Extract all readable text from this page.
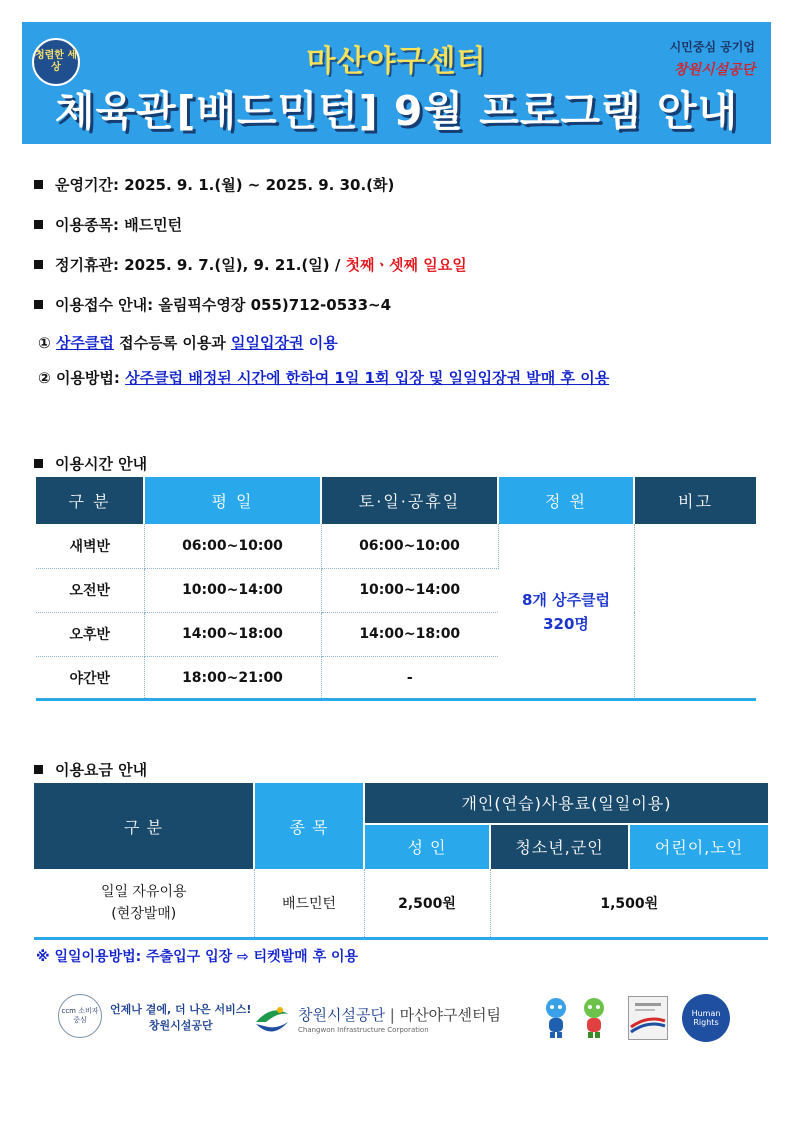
청렴한 세상	마산야구센터
체육관[배드민턴] 9월 프로그램 안내
시민중심 공기업
창원시설공단
운영기간: 2025. 9. 1.(월) ~ 2025. 9. 30.(화)
이용종목: 배드민턴
정기휴관: 2025. 9. 7.(일), 9. 21.(일) / 첫째ㆍ셋째 일요일
이용접수 안내: 올림픽수영장 055)712-0533~4
① 상주클럽 접수등록 이용과 일일입장권 이용
② 이용방법: 상주클럽 배정된 시간에 한하여 1일 1회 입장 및 일일입장권 발매 후 이용
이용시간 안내
구 분	평 일	토·일·공휴일	정 원	비고
새벽반	06:00~10:00	06:00~10:00	8개 상주클럽
320명	

오전반	10:00~14:00	10:00~14:00		
오후반	14:00~18:00	14:00~18:00		
야간반	18:00~21:00	-		
이용요금 안내
구 분	종 목	개인(연습)사용료(일일이용)		
		성 인	청소년,군인	어린이,노인

일일 자유이용
(현장발매)	배드민턴	2,500원	1,500원	
※ 일일이용방법: 주출입구 입장 ⇨ 티켓발매 후 이용
ccm 소비자중심
언제나 곁에, 더 나은 서비스!
창원시설공단
창원시설공단 | 마산야구센터팀
Changwon Infrastructure Corporation
Human Rights
